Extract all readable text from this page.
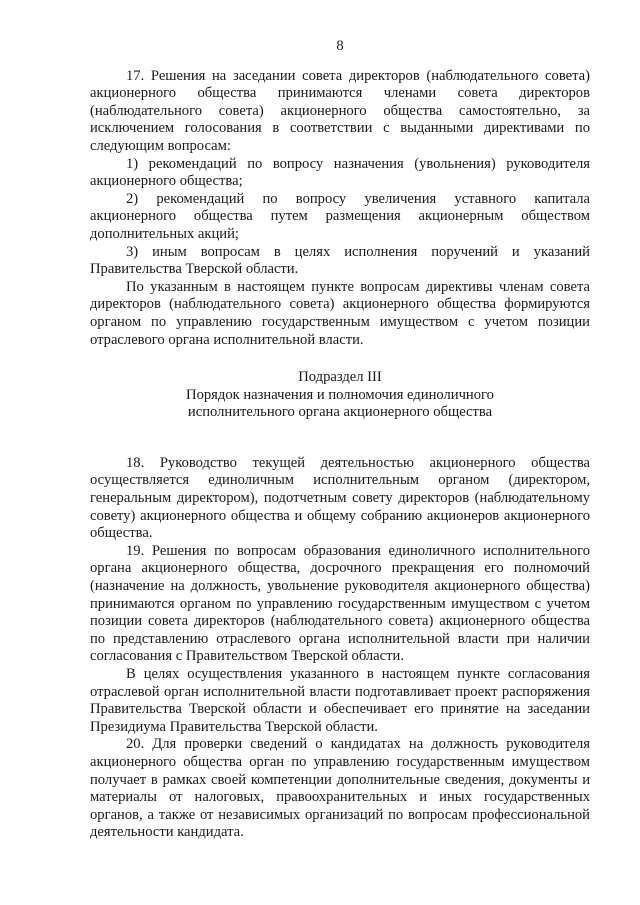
8

17. Решения на заседании совета директоров (наблюдательного совета) акционерного общества принимаются членами совета директоров (наблюдательного совета) акционерного общества самостоятельно, за исключением голосования в соответствии с выданными директивами по следующим вопросам:

1) рекомендаций по вопросу назначения (увольнения) руководителя акционерного общества;

2) рекомендаций по вопросу увеличения уставного капитала акционерного общества путем размещения акционерным обществом дополнительных акций;

3) иным вопросам в целях исполнения поручений и указаний Правительства Тверской области.

По указанным в настоящем пункте вопросам директивы членам совета директоров (наблюдательного совета) акционерного общества формируются органом по управлению государственным имуществом с учетом позиции отраслевого органа исполнительной власти.

Подраздел III

Порядок назначения и полномочия единоличного

исполнительного органа акционерного общества

18. Руководство текущей деятельностью акционерного общества осуществляется единоличным исполнительным органом (директором, генеральным директором), подотчетным совету директоров (наблюдательному совету) акционерного общества и общему собранию акционеров акционерного общества.

19. Решения по вопросам образования единоличного исполнительного органа акционерного общества, досрочного прекращения его полномочий (назначение на должность, увольнение руководителя акционерного общества) принимаются органом по управлению государственным имуществом с учетом позиции совета директоров (наблюдательного совета) акционерного общества по представлению отраслевого органа исполнительной власти при наличии согласования с Правительством Тверской области.

В целях осуществления указанного в настоящем пункте согласования отраслевой орган исполнительной власти подготавливает проект распоряжения Правительства Тверской области и обеспечивает его принятие на заседании Президиума Правительства Тверской области.

20. Для проверки сведений о кандидатах на должность руководителя акционерного общества орган по управлению государственным имуществом получает в рамках своей компетенции дополнительные сведения, документы и материалы от налоговых, правоохранительных и иных государственных органов, а также от независимых организаций по вопросам профессиональной деятельности кандидата.
